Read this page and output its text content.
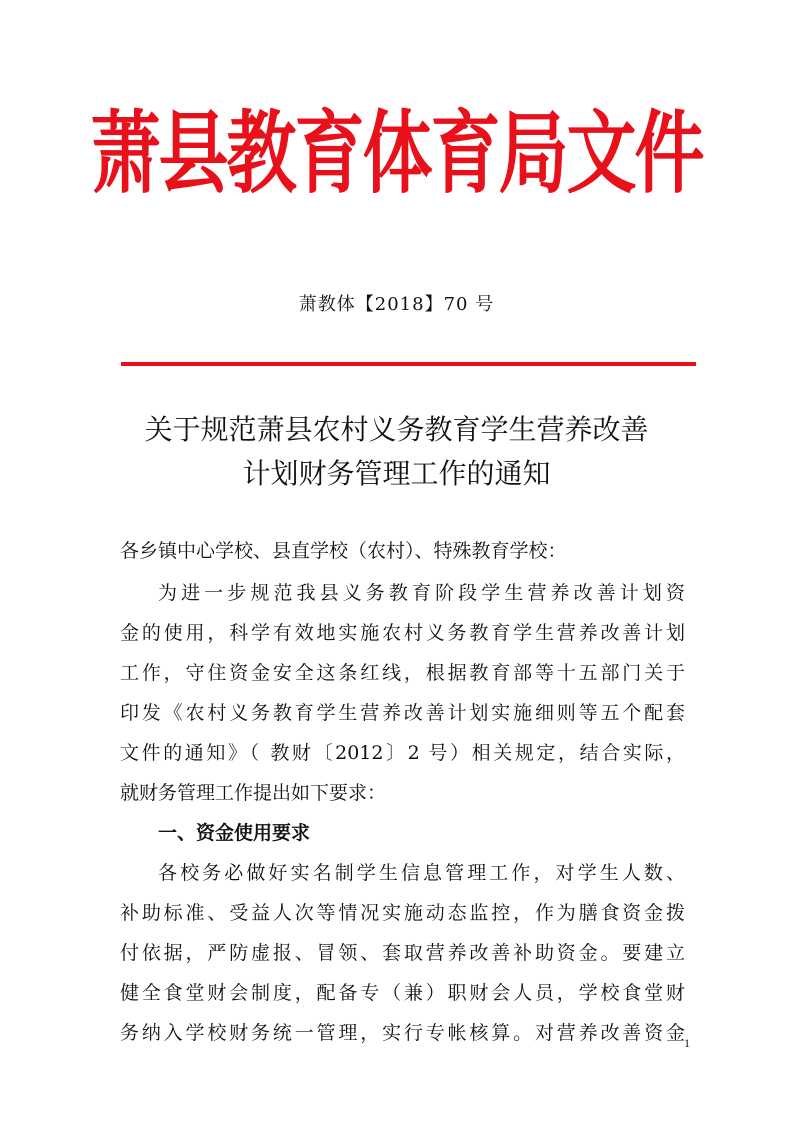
萧县教育体育局文件
萧教体【2018】70 号
关于规范萧县农村义务教育学生营养改善
计划财务管理工作的通知
各乡镇中心学校、县直学校（农村）、特殊教育学校：
为进一步规范我县义务教育阶段学生营养改善计划资
金的使用，科学有效地实施农村义务教育学生营养改善计划
工作，守住资金安全这条红线，根据教育部等十五部门关于
印发《农村义务教育学生营养改善计划实施细则等五个配套
文件的通知》（ 教财〔2012〕2 号）相关规定，结合实际，
就财务管理工作提出如下要求：
一、资金使用要求
各校务必做好实名制学生信息管理工作，对学生人数、
补助标准、受益人次等情况实施动态监控，作为膳食资金拨
付依据，严防虚报、冒领、套取营养改善补助资金。要建立
健全食堂财会制度，配备专（兼）职财会人员，学校食堂财
务纳入学校财务统一管理，实行专帐核算。对营养改善资金 1
